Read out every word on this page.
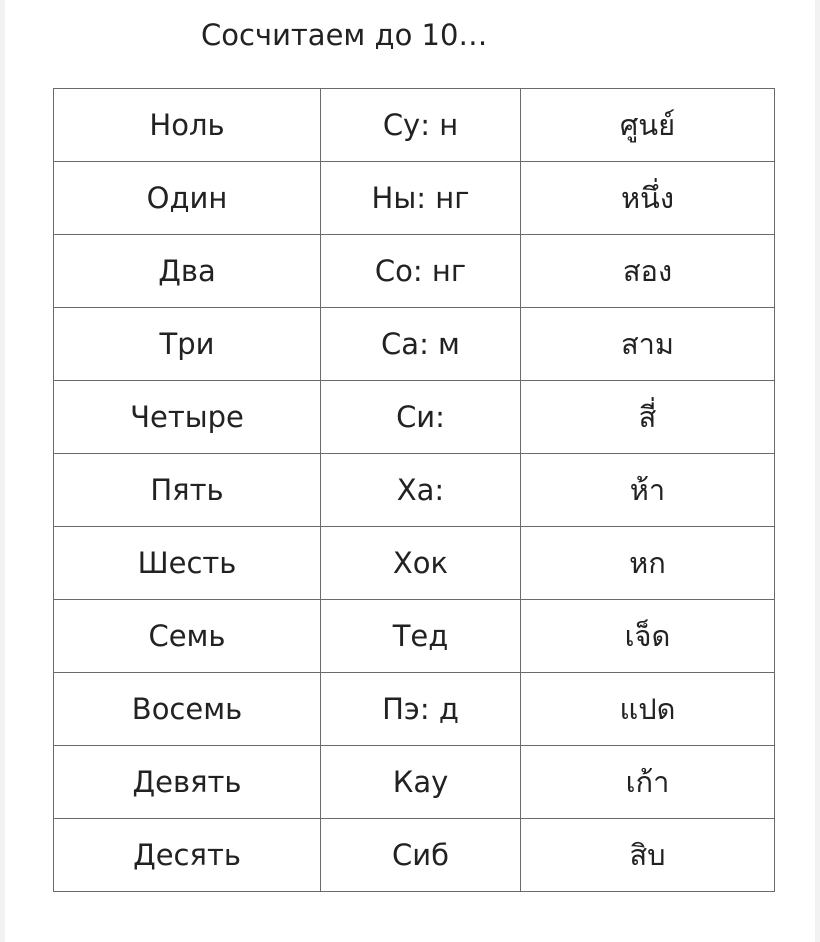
Сосчитаем до 10…
Ноль	Су: н	ศูนย์
Один	Ны: нг	หนึ่ง
Два	Со: нг	สอง
Три	Са: м	สาม
Четыре	Си:	สี่
Пять	Ха:	ห้า
Шесть	Хок	หก
Семь	Тед	เจ็ด
Восемь	Пэ: д	แปด
Девять	Кау	เก้า
Десять	Сиб	สิบ
